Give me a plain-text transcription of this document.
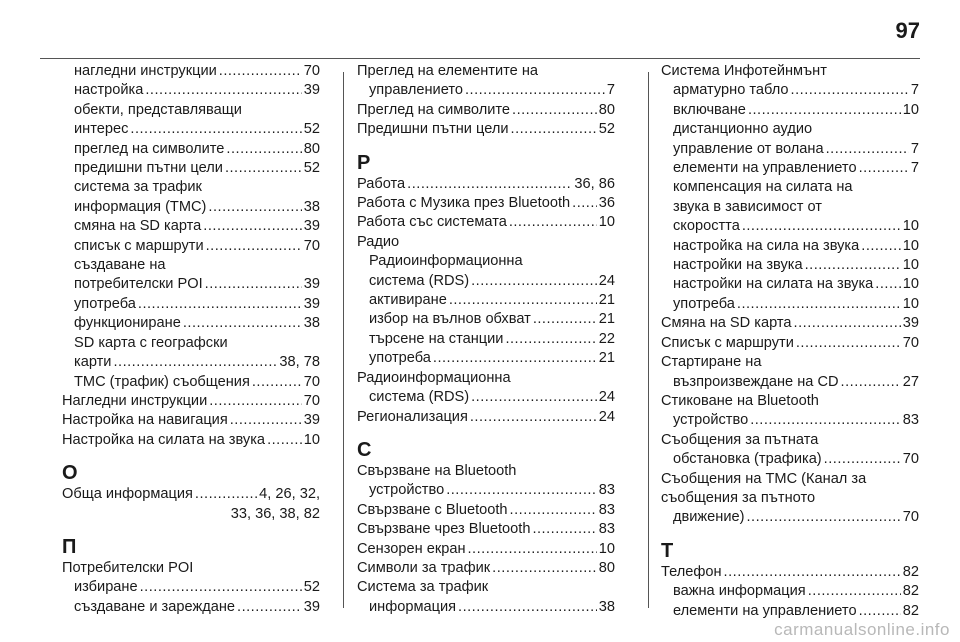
97
нагледни инструкции .....	70
настройка .....	39
обекти, представляващи
интерес .....	52
преглед на символите .....	80
предишни пътни цели .....	52
система за трафик
информация (TMC) .....	38
смяна на SD карта .....	39
списък с маршрути .....	70
създаване на
потребителски POI .....	39
употреба .....	39
функциониране .....	38
SD карта с географски
карти .....	38, 78
TMC (трафик) съобщения .....	70
Нагледни инструкции .....	70
Настройка на навигация .....	39
Настройка на силата на звука .....	10
О
Обща информация .....	4, 26, 32,
33, 36, 38, 82
П
Потребителски POI
избиране .....	52
създаване и зареждане .....	39
Преглед на елементите на
управлението .....	7
Преглед на символите .....	80
Предишни пътни цели .....	52
Р
Работа .....	36, 86
Работа с Музика през Bluetooth ..... 36
Работа със системата .....	10
Радио
Радиоинформационна
система (RDS) .....	24
активиране .....	21
избор на вълнов обхват .....	21
търсене на станции .....	22
употреба .....	21
Радиоинформационна
система (RDS) .....	24
Регионализация .....	24
С
Свързване на Bluetooth
устройство .....	83
Свързване с Bluetooth .....	83
Свързване чрез Bluetooth .....	83
Сензорен екран .....	10
Символи за трафик .....	80
Система за трафик
информация .....	38
Система Инфотейнмънт
арматурно табло .....	7
включване .....	10
дистанционно аудио
управление от волана .....	7
елементи на управлението .....	7
компенсация на силата на
звука в зависимост от
скоростта .....	10
настройка на сила на звука .....	10
настройки на звука .....	10
настройки на силата на звука ..... 10
употреба .....	10
Смяна на SD карта .....	39
Списък с маршрути .....	70
Стартиране на
възпроизвеждане на CD .....	27
Стиковане на Bluetooth
устройство .....	83
Съобщения за пътната
обстановка (трафика) .....	70
Съобщения на TMC (Канал за
съобщения за пътното
движение) .....	70
Т
Телефон .....	82
важна информация .....	82
елементи на управлението .....	82
carmanualsonline.info
